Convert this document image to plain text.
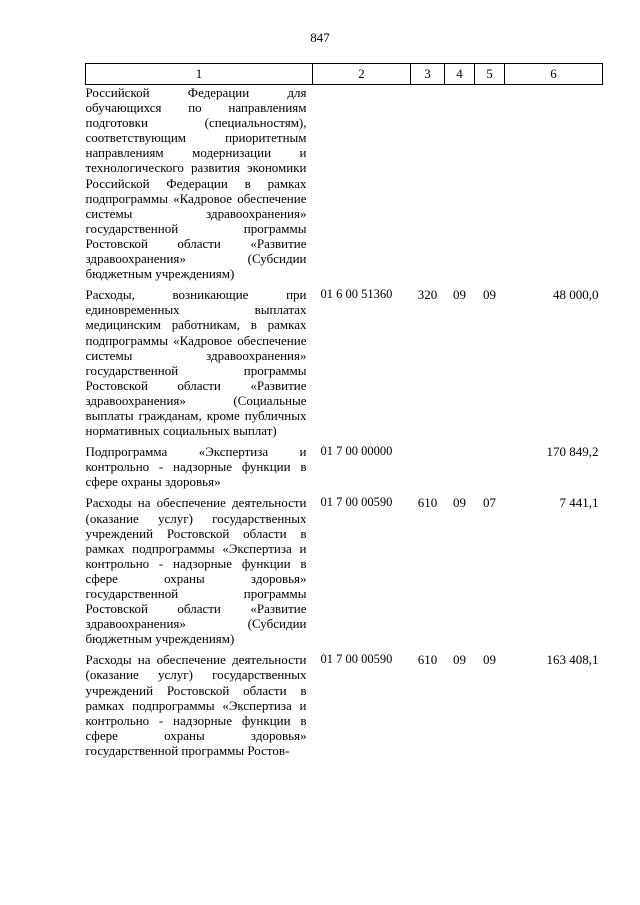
847
1	2	3	4	5	6
Российской Федерации для обучающихся по направлениям подготовки (специальностям), соответствующим приоритетным направлениям модернизации и технологического развития экономики Российской Федерации в рамках подпрограммы «Кадровое обеспечение системы здравоохранения» государственной программы Ростовской области «Развитие здравоохранения» (Субсидии бюджетным учреждениям)					
Расходы, возникающие при единовременных выплатах медицинским работникам, в рамках подпрограммы «Кадровое обеспечение системы здравоохранения» государственной программы Ростовской области «Развитие здравоохранения» (Социальные выплаты гражданам, кроме публичных нормативных социальных выплат)	01 6 00 51360	320	09	09	48 000,0
Подпрограмма «Экспертиза и контрольно - надзорные функции в сфере охраны здоровья»	01 7 00 00000				170 849,2
Расходы на обеспечение деятельности (оказание услуг) государственных учреждений Ростовской области в рамках подпрограммы «Экспертиза и контрольно - надзорные функции в сфере охраны здоровья» государственной программы Ростовской области «Развитие здравоохранения» (Субсидии бюджетным учреждениям)	01 7 00 00590	610	09	07	7 441,1
Расходы на обеспечение деятельности (оказание услуг) государственных учреждений Ростовской области в рамках подпрограммы «Экспертиза и контрольно - надзорные функции в сфере охраны здоровья» государственной программы Ростов-	01 7 00 00590	610	09	09	163 408,1
